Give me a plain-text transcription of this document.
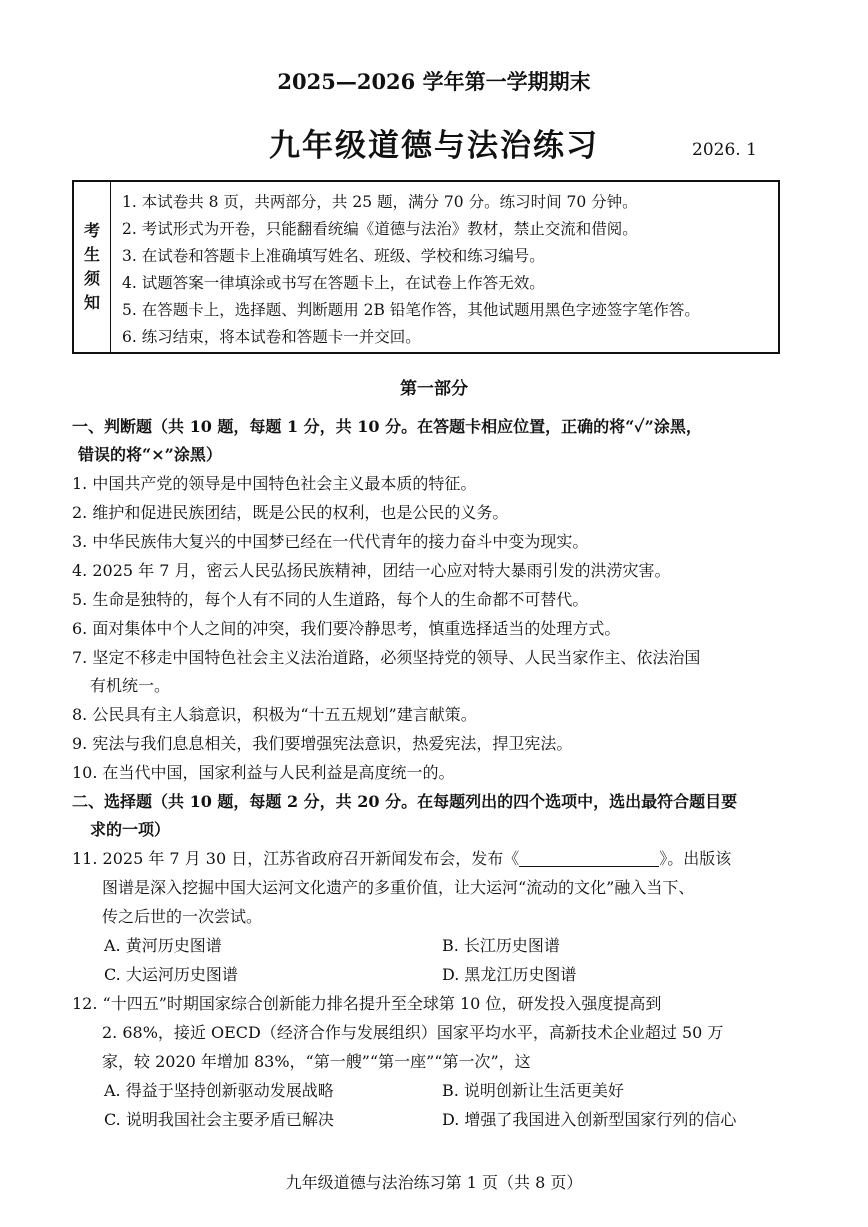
2025—2026 学年第一学期期末
九年级道德与法治练习	2026. 1
考
生
须
知
1. 本试卷共 8 页，共两部分，共 25 题，满分 70 分。练习时间 70 分钟。
2. 考试形式为开卷，只能翻看统编《道德与法治》教材，禁止交流和借阅。
3. 在试卷和答题卡上准确填写姓名、班级、学校和练习编号。
4. 试题答案一律填涂或书写在答题卡上，在试卷上作答无效。
5. 在答题卡上，选择题、判断题用 2B 铅笔作答，其他试题用黑色字迹签字笔作答。
6. 练习结束，将本试卷和答题卡一并交回。
第一部分
一、判断题（共 10 题，每题 1 分，共 10 分。在答题卡相应位置，正确的将“✓”涂黑，
错误的将“×”涂黑）
1. 中国共产党的领导是中国特色社会主义最本质的特征。
2. 维护和促进民族团结，既是公民的权利，也是公民的义务。
3. 中华民族伟大复兴的中国梦已经在一代代青年的接力奋斗中变为现实。
4. 2025 年 7 月，密云人民弘扬民族精神，团结一心应对特大暴雨引发的洪涝灾害。
5. 生命是独特的，每个人有不同的人生道路，每个人的生命都不可替代。
6. 面对集体中个人之间的冲突，我们要冷静思考，慎重选择适当的处理方式。
7. 坚定不移走中国特色社会主义法治道路，必须坚持党的领导、人民当家作主、依法治国
有机统一。
8. 公民具有主人翁意识，积极为“十五五规划”建言献策。
9. 宪法与我们息息相关，我们要增强宪法意识，热爱宪法，捍卫宪法。
10. 在当代中国，国家利益与人民利益是高度统一的。
二、选择题（共 10 题，每题 2 分，共 20 分。在每题列出的四个选项中，选出最符合题目要
求的一项）
11. 2025 年 7 月 30 日，江苏省政府召开新闻发布会，发布《	》。出版该
图谱是深入挖掘中国大运河文化遗产的多重价值，让大运河“流动的文化”融入当下、
传之后世的一次尝试。
A. 黄河历史图谱	B. 长江历史图谱
C. 大运河历史图谱	D. 黑龙江历史图谱
12. “十四五”时期国家综合创新能力排名提升至全球第 10 位，研发投入强度提高到
2. 68%，接近 OECD（经济合作与发展组织）国家平均水平，高新技术企业超过 50 万
家，较 2020 年增加 83%，“第一艘”“第一座”“第一次”，这
A. 得益于坚持创新驱动发展战略	B. 说明创新让生活更美好
C. 说明我国社会主要矛盾已解决	D. 增强了我国进入创新型国家行列的信心
九年级道德与法治练习第 1 页（共 8 页）
